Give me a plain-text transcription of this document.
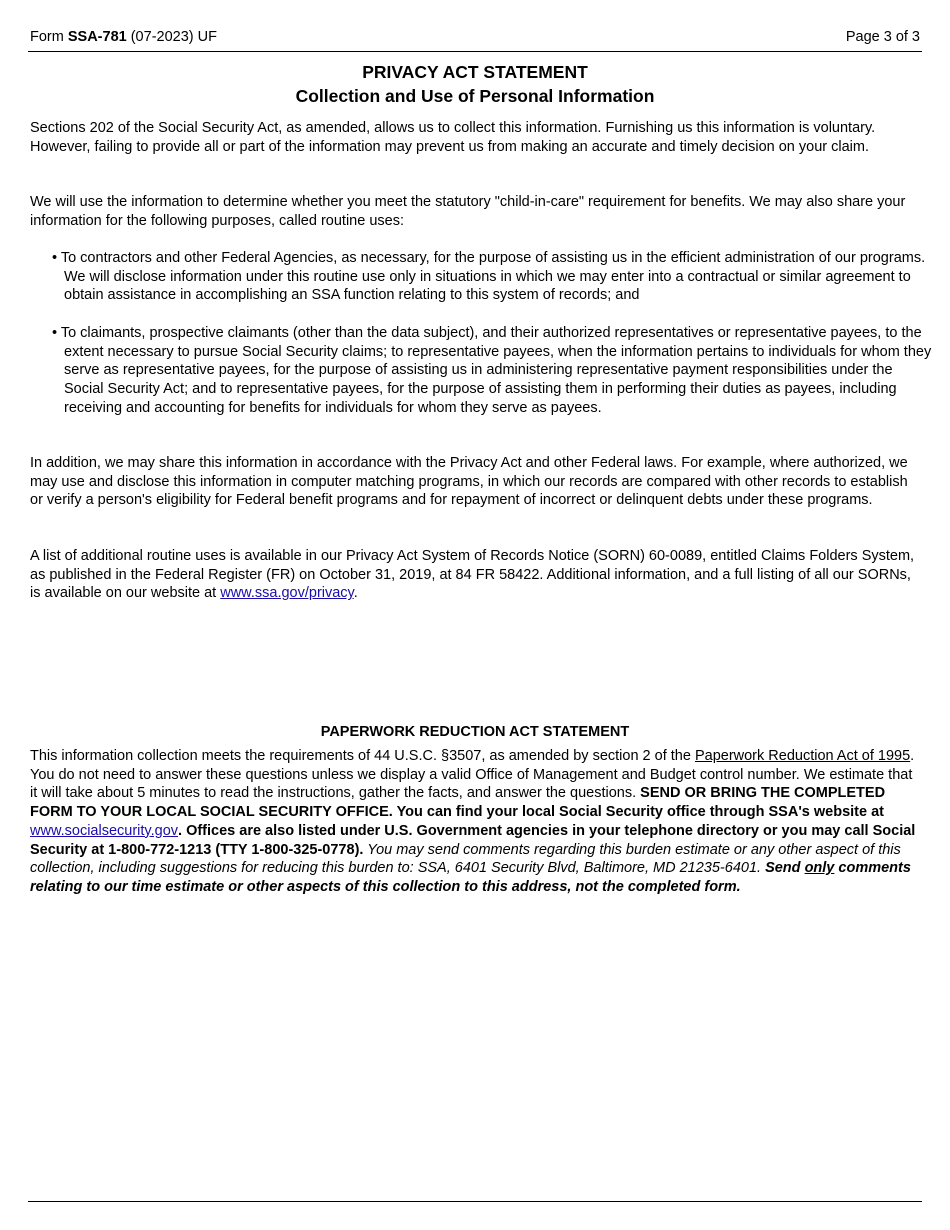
Form SSA-781 (07-2023) UF	Page 3 of 3
PRIVACY ACT STATEMENT
Collection and Use of Personal Information

Sections 202 of the Social Security Act, as amended, allows us to collect this information. Furnishing us this information is voluntary. However, failing to provide all or part of the information may prevent us from making an accurate and timely decision on your claim.

We will use the information to determine whether you meet the statutory "child-in-care" requirement for benefits. We may also share your information for the following purposes, called routine uses:

• To contractors and other Federal Agencies, as necessary, for the purpose of assisting us in the efficient administration of our programs. We will disclose information under this routine use only in situations in which we may enter into a contractual or similar agreement to obtain assistance in accomplishing an SSA function relating to this system of records; and

• To claimants, prospective claimants (other than the data subject), and their authorized representatives or representative payees, to the extent necessary to pursue Social Security claims; to representative payees, when the information pertains to individuals for whom they serve as representative payees, for the purpose of assisting us in administering representative payment responsibilities under the Social Security Act; and to representative payees, for the purpose of assisting them in performing their duties as payees, including receiving and accounting for benefits for individuals for whom they serve as payees.

In addition, we may share this information in accordance with the Privacy Act and other Federal laws. For example, where authorized, we may use and disclose this information in computer matching programs, in which our records are compared with other records to establish or verify a person's eligibility for Federal benefit programs and for repayment of incorrect or delinquent debts under these programs.

A list of additional routine uses is available in our Privacy Act System of Records Notice (SORN) 60-0089, entitled Claims Folders System, as published in the Federal Register (FR) on October 31, 2019, at 84 FR 58422. Additional information, and a full listing of all our SORNs, is available on our website at www.ssa.gov/privacy.

PAPERWORK REDUCTION ACT STATEMENT

This information collection meets the requirements of 44 U.S.C. §3507, as amended by section 2 of the Paperwork Reduction Act of 1995. You do not need to answer these questions unless we display a valid Office of Management and Budget control number. We estimate that it will take about 5 minutes to read the instructions, gather the facts, and answer the questions. SEND OR BRING THE COMPLETED FORM TO YOUR LOCAL SOCIAL SECURITY OFFICE. You can find your local Social Security office through SSA's website at www.socialsecurity.gov. Offices are also listed under U.S. Government agencies in your telephone directory or you may call Social Security at 1-800-772-1213 (TTY 1-800-325-0778). You may send comments regarding this burden estimate or any other aspect of this collection, including suggestions for reducing this burden to: SSA, 6401 Security Blvd, Baltimore, MD 21235-6401. Send only comments relating to our time estimate or other aspects of this collection to this address, not the completed form.
